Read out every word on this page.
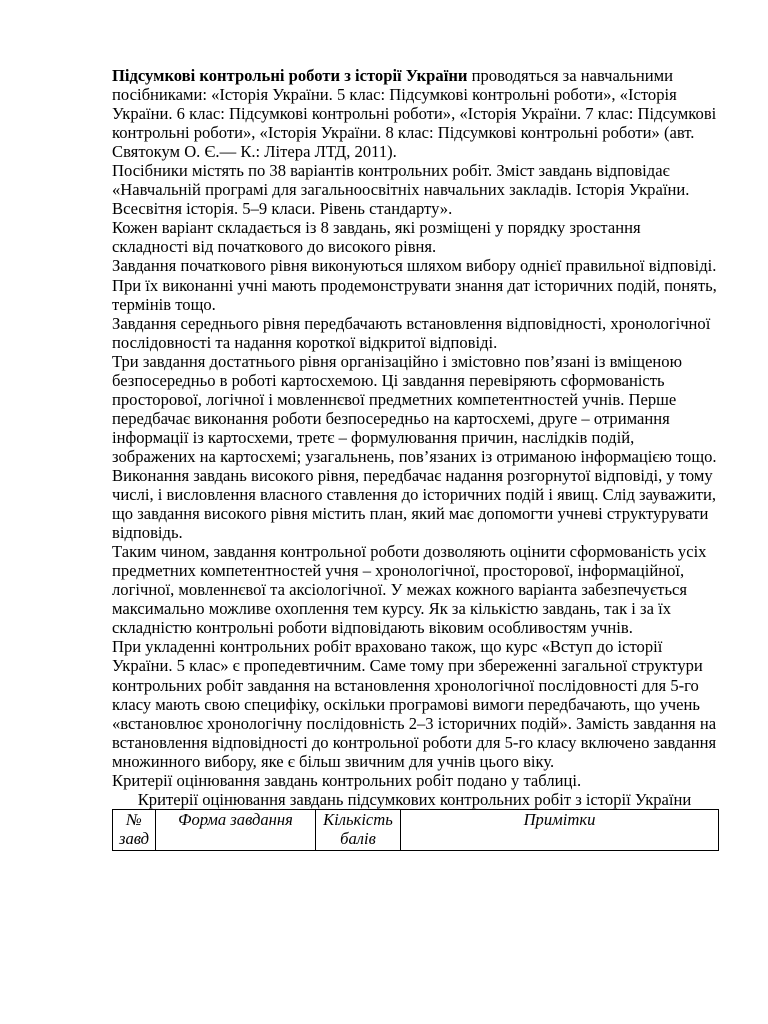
Підсумкові контрольні роботи з історії України проводяться за навчальними посібниками: «Історія України. 5 клас: Підсумкові контрольні роботи», «Історія України. 6 клас: Підсумкові контрольні роботи», «Історія України. 7 клас: Підсумкові контрольні роботи», «Історія України. 8 клас: Підсумкові контрольні роботи» (авт. Святокум О. Є.— К.: Літера ЛТД, 2011).

Посібники містять по 38 варіантів контрольних робіт. Зміст завдань відповідає «Навчальній програмі для загальноосвітніх навчальних закладів. Історія України. Всесвітня історія. 5–9 класи. Рівень стандарту».

Кожен варіант складається із 8 завдань, які розміщені у порядку зростання складності від початкового до високого рівня.

Завдання початкового рівня виконуються шляхом вибору однієї правильної відповіді. При їх виконанні учні мають продемонструвати знання дат історичних подій, понять, термінів тощо.

Завдання середнього рівня передбачають встановлення відповідності, хронологічної послідовності та надання короткої відкритої відповіді.

Три завдання достатнього рівня організаційно і змістовно пов’язані із вміщеною безпосередньо в роботі картосхемою. Ці завдання перевіряють сформованість просторової, логічної і мовленнєвої предметних компетентностей учнів. Перше передбачає виконання роботи безпосередньо на картосхемі, друге – отримання інформації із картосхеми, третє – формулювання причин, наслідків подій, зображених на картосхемі; узагальнень, пов’язаних із отриманою інформацією тощо.

Виконання завдань високого рівня, передбачає надання розгорнутої відповіді, у тому числі, і висловлення власного ставлення до історичних подій і явищ. Слід зауважити, що завдання високого рівня містить план, який має допомогти учневі структурувати відповідь.

Таким чином, завдання контрольної роботи дозволяють оцінити сформованість усіх предметних компетентностей учня – хронологічної, просторової, інформаційної, логічної, мовленнєвої та аксіологічної. У межах кожного варіанта забезпечується максимально можливе охоплення тем курсу. Як за кількістю завдань, так і за їх складністю контрольні роботи відповідають віковим особливостям учнів.

При укладенні контрольних робіт враховано також, що курс «Вступ до історії України. 5 клас» є пропедевтичним. Саме тому при збереженні загальної структури контрольних робіт завдання на встановлення хронологічної послідовності для 5-го класу мають свою специфіку, оскільки програмові вимоги передбачають, що учень «встановлює хронологічну послідовність 2–3 історичних подій». Замість завдання на встановлення відповідності до контрольної роботи для 5-го класу включено завдання множинного вибору, яке є більш звичним для учнів цього віку.

Критерії оцінювання завдань контрольних робіт подано у таблиці.

Критерії оцінювання завдань підсумкових контрольних робіт з історії України

№ завд	Форма завдання	Кількість балів	Примітки
